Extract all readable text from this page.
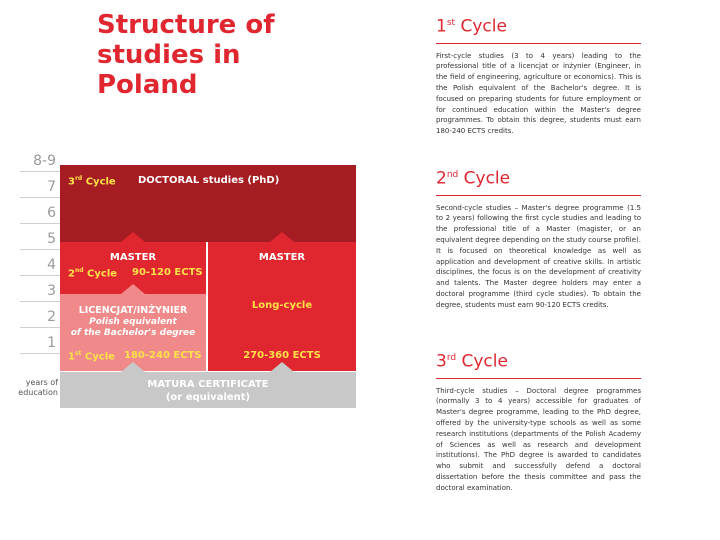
Structure of studies in Poland
8-9
7
6
5
4
3
2
1
years of education
3rd Cycle DOCTORAL studies (PhD)
MASTER
2nd Cycle 90-120 ECTS
LICENCJAT/INŻYNIER
Polish equivalent
of the Bachelor's degree
1st Cycle 180-240 ECTS
MASTER
Long-cycle
270-360 ECTS
MATURA CERTIFICATE
(or equivalent)
1st Cycle
First-cycle studies (3 to 4 years) leading to the professional title of a licencjat or inżynier (Engineer, in the field of engineering, agriculture or economics). This is the Polish equivalent of the Bachelor's degree. It is focused on preparing students for future employment or for continued education within the Master's degree programmes. To obtain this degree, students must earn 180-240 ECTS credits.
2nd Cycle
Second-cycle studies – Master's degree programme (1.5 to 2 years) following the first cycle studies and leading to the professional title of a Master (magister, or an equivalent degree depending on the study course profile). It is focused on theoretical knowledge as well as application and development of creative skills. In artistic disciplines, the focus is on the development of creativity and talents. The Master degree holders may enter a doctoral programme (third cycle studies). To obtain the degree, students must earn 90-120 ECTS credits.
3rd Cycle
Third-cycle studies – Doctoral degree programmes (normally 3 to 4 years) accessible for graduates of Master's degree programme, leading to the PhD degree, offered by the university-type schools as well as some research institutions (departments of the Polish Academy of Sciences as well as research and development institutions). The PhD degree is awarded to candidates who submit and successfully defend a doctoral dissertation before the thesis committee and pass the doctoral examination.
